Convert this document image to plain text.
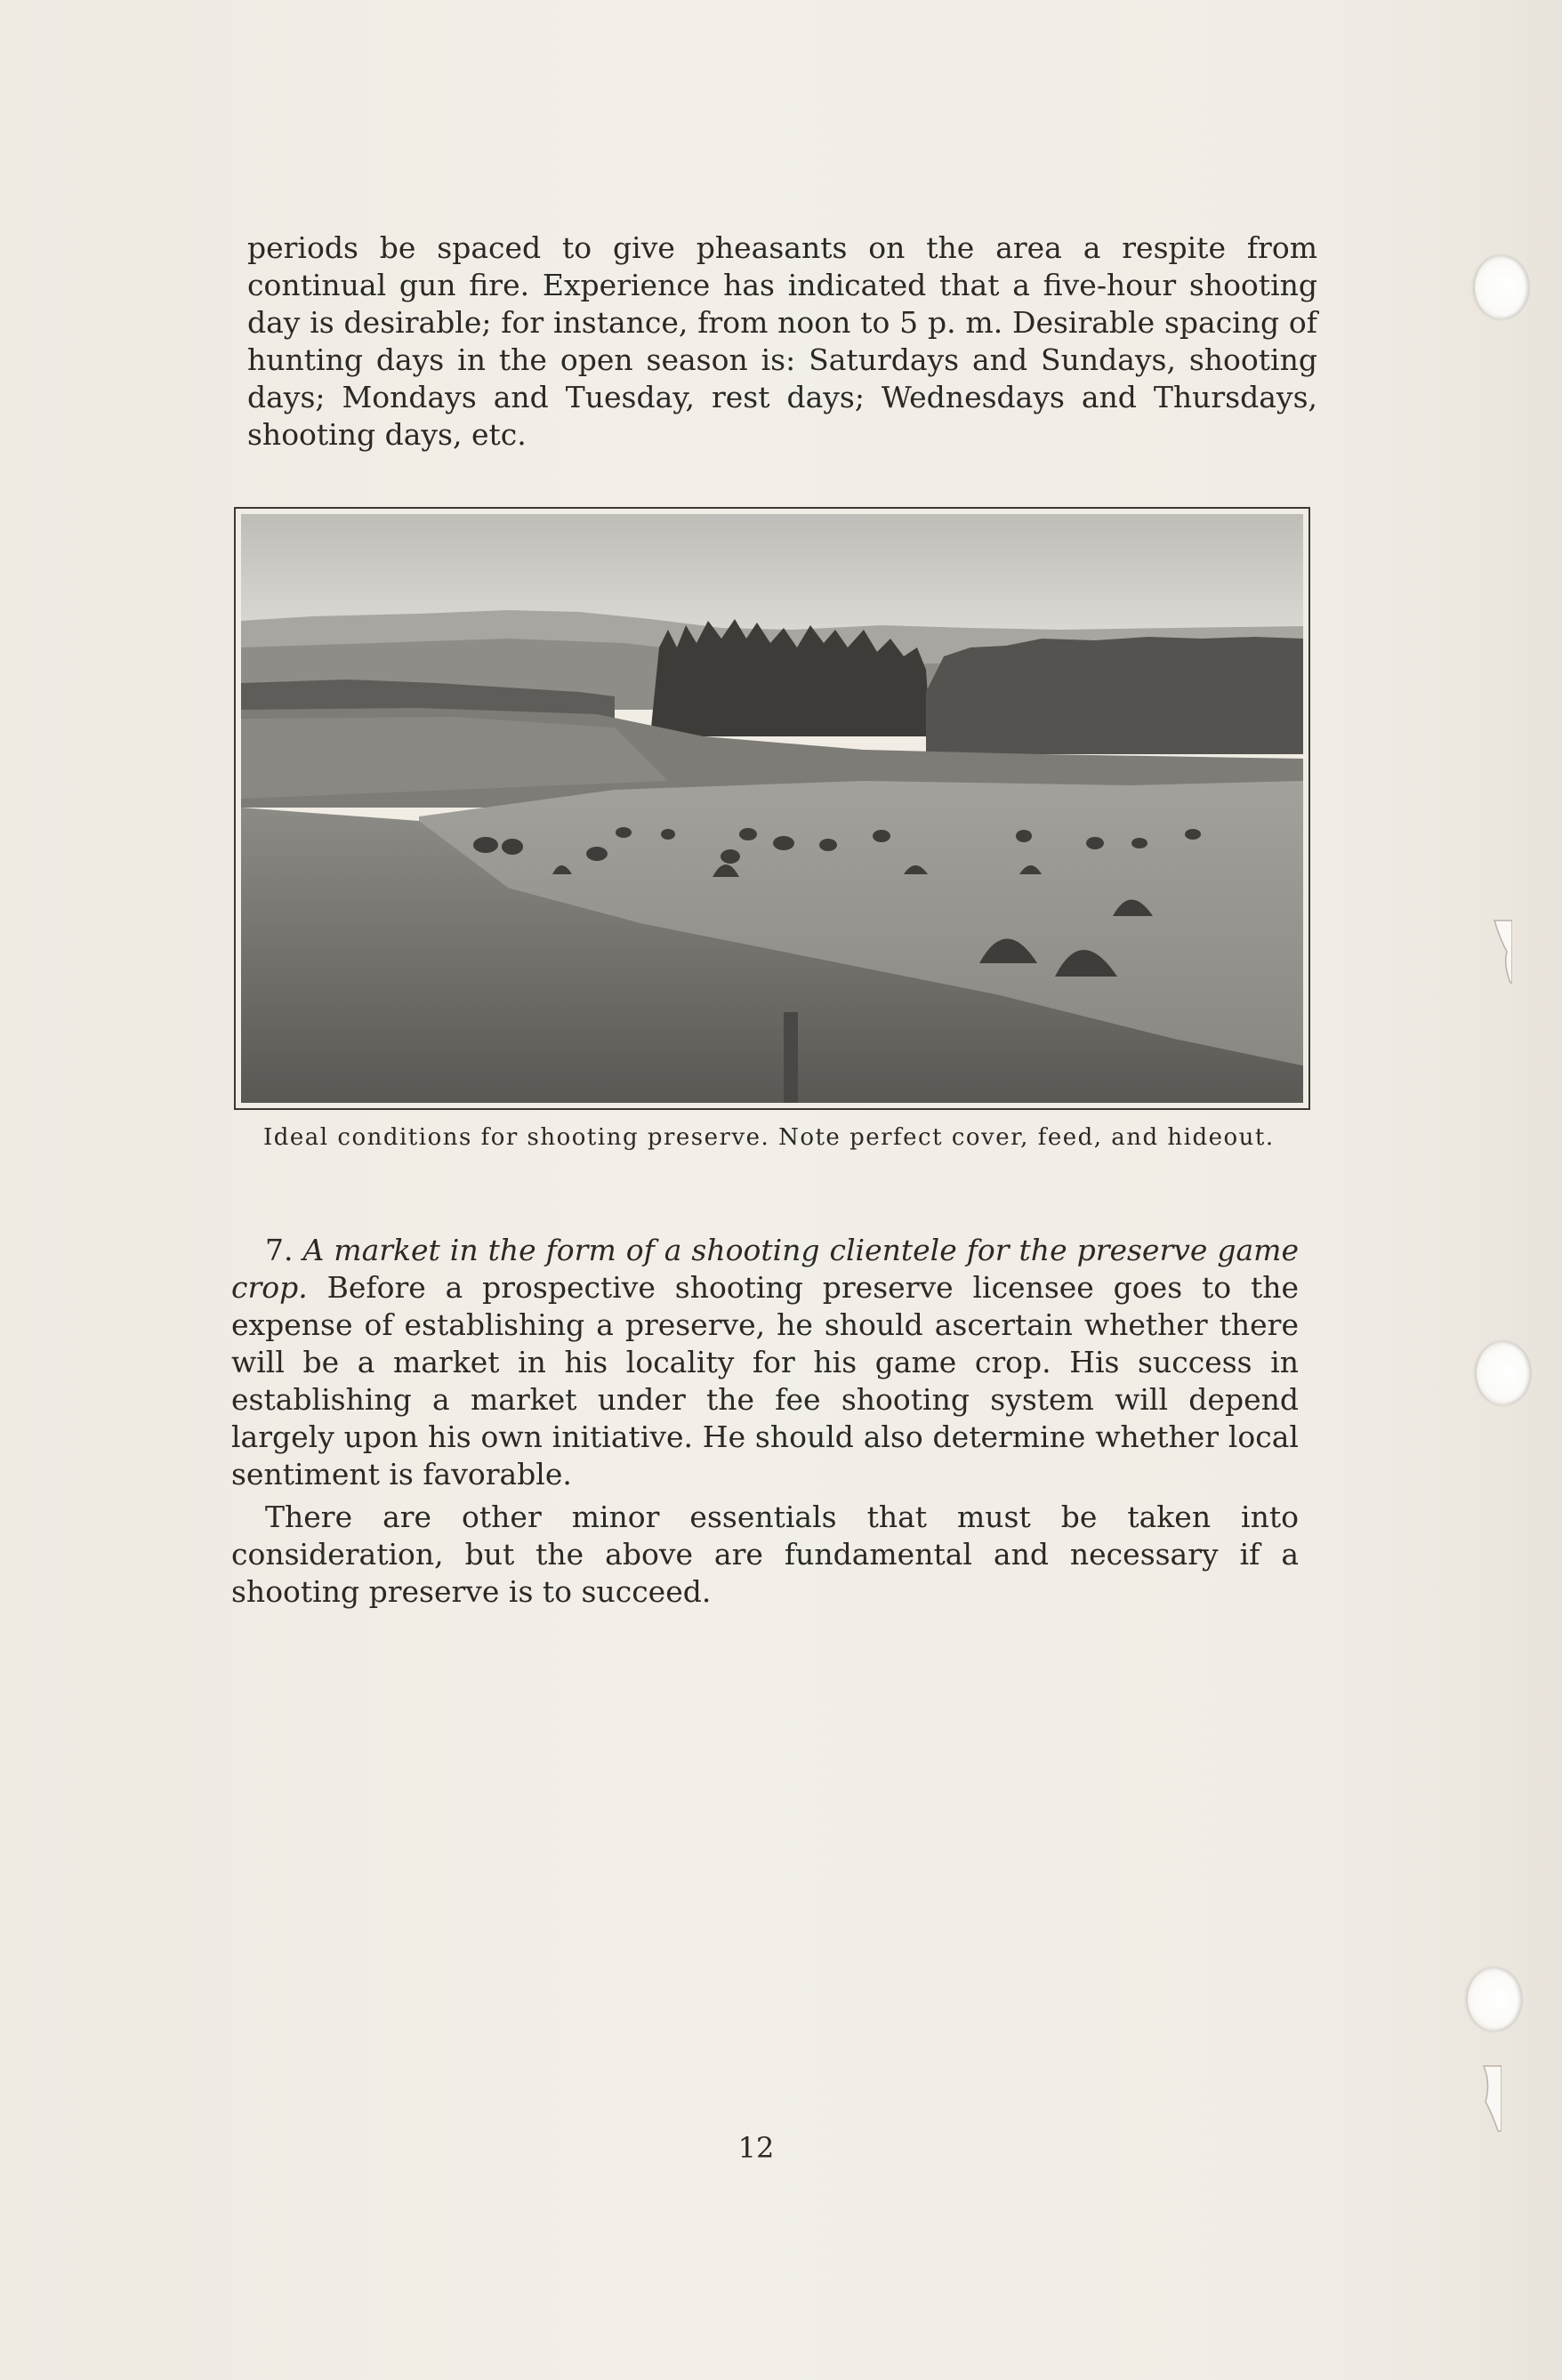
periods be spaced to give pheasants on the area a respite from continual gun fire. Experience has indicated that a five-hour shooting day is desirable; for instance, from noon to 5 p. m. Desirable spacing of hunting days in the open season is: Saturdays and Sundays, shooting days; Mondays and Tuesday, rest days; Wednesdays and Thursdays, shooting days, etc.

Ideal conditions for shooting preserve. Note perfect cover, feed, and hideout.

7. A market in the form of a shooting clientele for the preserve game crop. Before a prospective shooting preserve licensee goes to the expense of establishing a preserve, he should ascertain whether there will be a market in his locality for his game crop. His success in establishing a market under the fee shooting system will depend largely upon his own initiative. He should also determine whether local sentiment is favorable.

There are other minor essentials that must be taken into consideration, but the above are fundamental and necessary if a shooting preserve is to succeed.

12
